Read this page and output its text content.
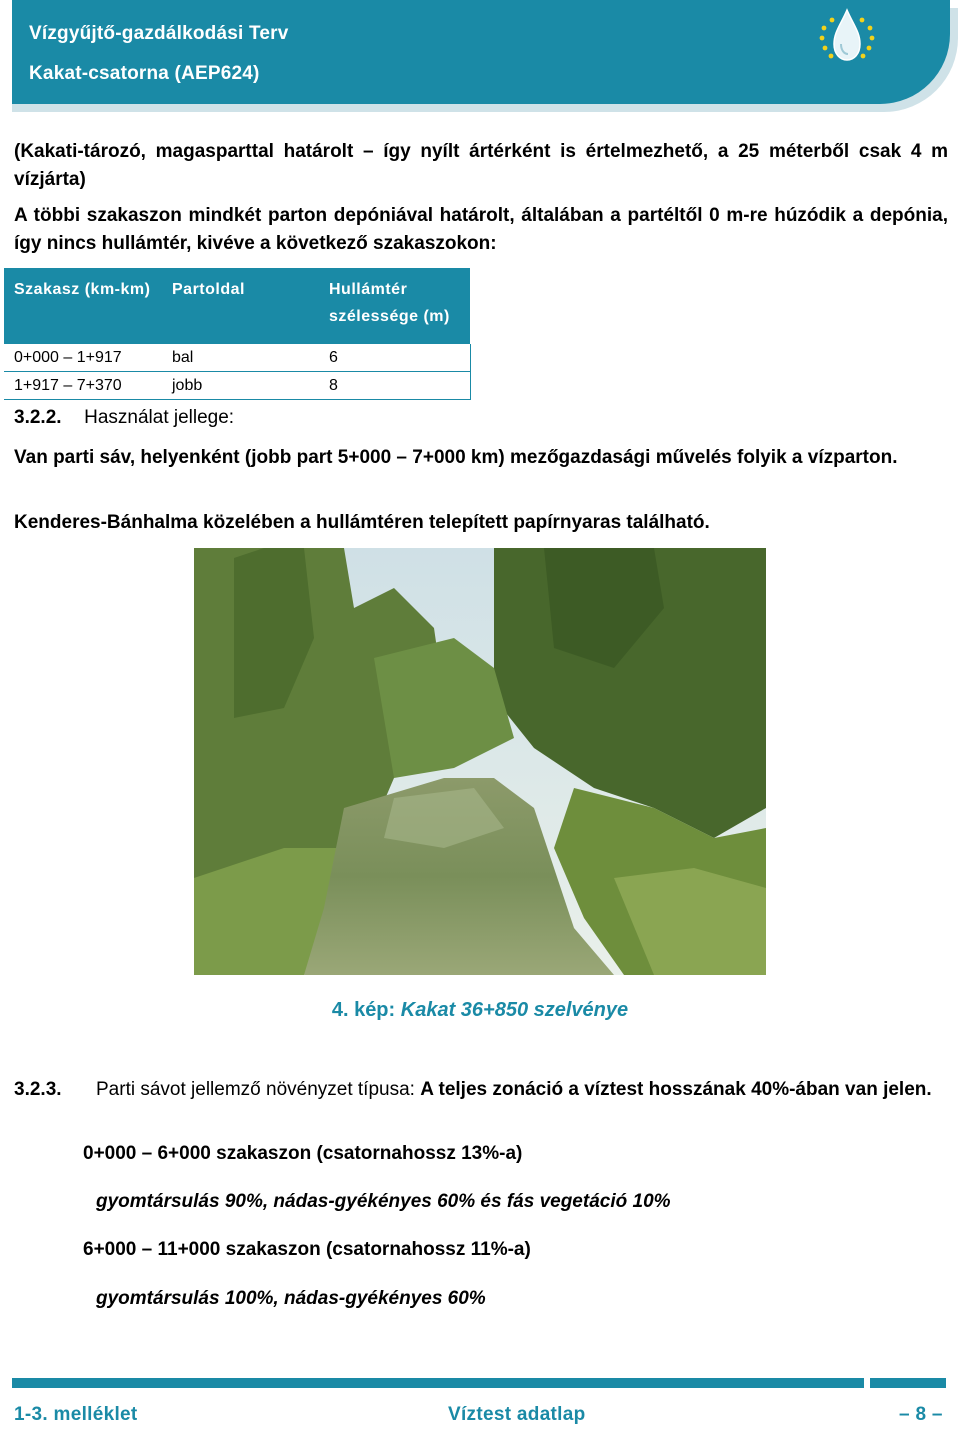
Vízgyűjtő-gazdálkodási Terv
Kakat-csatorna (AEP624)
(Kakati-tározó, magasparttal határolt – így nyílt ártérként is értelmezhető, a 25 méterből csak 4 m vízjárta)
A többi szakaszon mindkét parton depóniával határolt, általában a partéltől 0 m-re húzódik a depónia, így nincs hullámtér, kivéve a következő szakaszokon:
Szakasz (km-km)	Partoldal	Hullámtér szélessége (m)
0+000 – 1+917	bal	6
1+917 – 7+370	jobb	8
3.2.2. Használat jellege:
Van parti sáv, helyenként (jobb part 5+000 – 7+000 km) mezőgazdasági művelés folyik a vízparton.
Kenderes-Bánhalma közelében a hullámtéren telepített papírnyaras található.
4. kép: Kakat 36+850 szelvénye
3.2.3. Parti sávot jellemző növényzet típusa: A teljes zonáció a víztest hosszának 40%-ában van jelen.
0+000 – 6+000 szakaszon (csatornahossz 13%-a)
gyomtársulás 90%, nádas-gyékényes 60% és fás vegetáció 10%
6+000 – 11+000 szakaszon (csatornahossz 11%-a)
gyomtársulás 100%, nádas-gyékényes 60%
1-3. melléklet	Víztest adatlap	– 8 –
